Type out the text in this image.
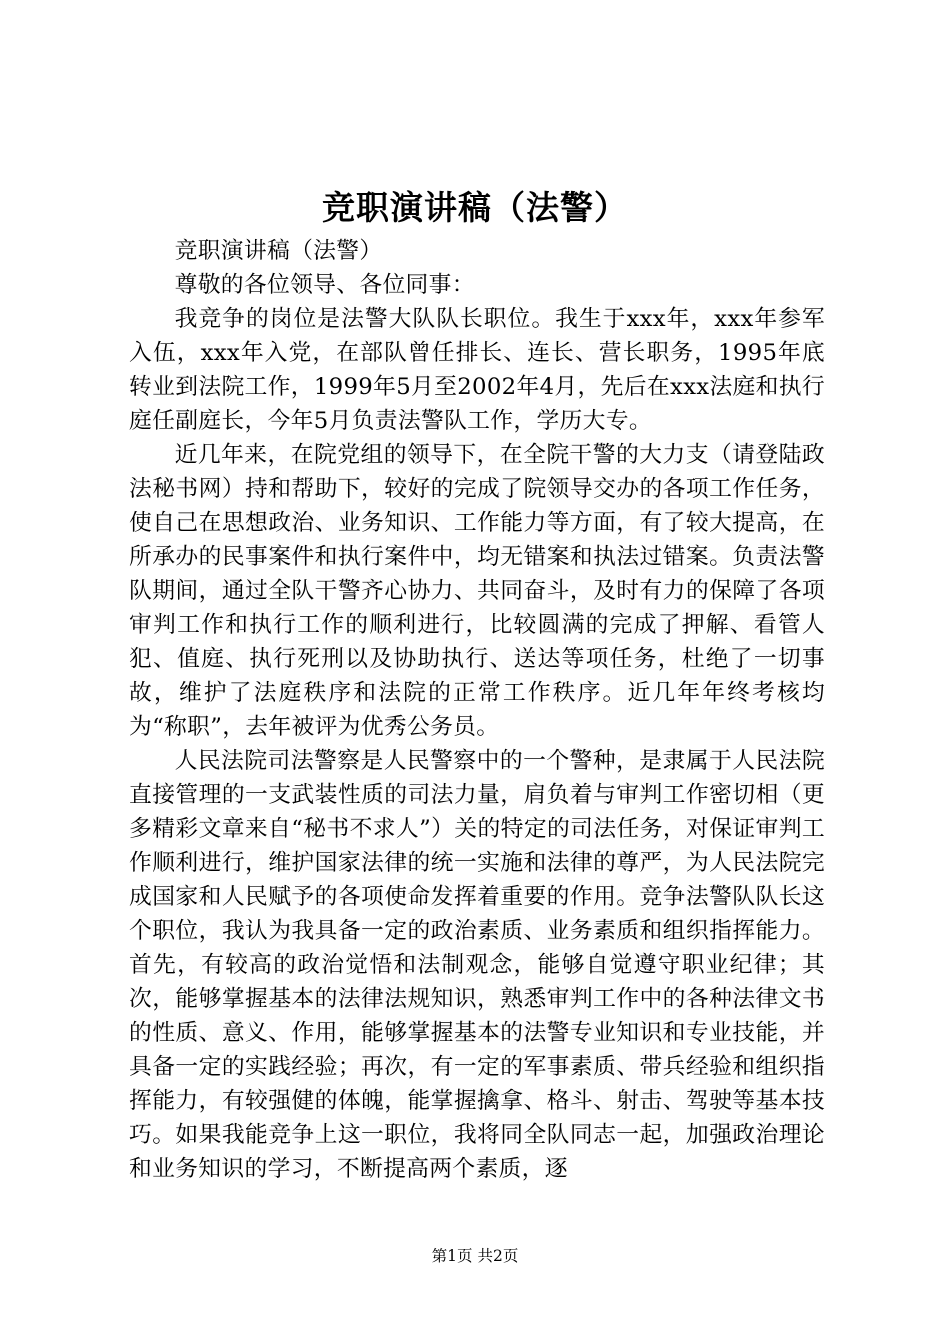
竞职演讲稿（法警）

竞职演讲稿（法警）

尊敬的各位领导、各位同事：

我竞争的岗位是法警大队队长职位。我生于xxx年，xxx年参军入伍，xxx年入党，在部队曾任排长、连长、营长职务，1995年底转业到法院工作，1999年5月至2002年4月，先后在xxx法庭和执行庭任副庭长，今年5月负责法警队工作，学历大专。

近几年来，在院党组的领导下，在全院干警的大力支（请登陆政法秘书网）持和帮助下，较好的完成了院领导交办的各项工作任务，使自己在思想政治、业务知识、工作能力等方面，有了较大提高，在所承办的民事案件和执行案件中，均无错案和执法过错案。负责法警队期间，通过全队干警齐心协力、共同奋斗，及时有力的保障了各项审判工作和执行工作的顺利进行，比较圆满的完成了押解、看管人犯、值庭、执行死刑以及协助执行、送达等项任务，杜绝了一切事故，维护了法庭秩序和法院的正常工作秩序。近几年年终考核均为“称职”，去年被评为优秀公务员。

人民法院司法警察是人民警察中的一个警种，是隶属于人民法院直接管理的一支武装性质的司法力量，肩负着与审判工作密切相（更多精彩文章来自“秘书不求人”）关的特定的司法任务，对保证审判工作顺利进行，维护国家法律的统一实施和法律的尊严，为人民法院完成国家和人民赋予的各项使命发挥着重要的作用。竞争法警队队长这个职位，我认为我具备一定的政治素质、业务素质和组织指挥能力。首先，有较高的政治觉悟和法制观念，能够自觉遵守职业纪律；其次，能够掌握基本的法律法规知识，熟悉审判工作中的各种法律文书的性质、意义、作用，能够掌握基本的法警专业知识和专业技能，并具备一定的实践经验；再次，有一定的军事素质、带兵经验和组织指挥能力，有较强健的体魄，能掌握擒拿、格斗、射击、驾驶等基本技巧。如果我能竞争上这一职位，我将同全队同志一起，加强政治理论和业务知识的学习，不断提高两个素质，逐

第1页 共2页
